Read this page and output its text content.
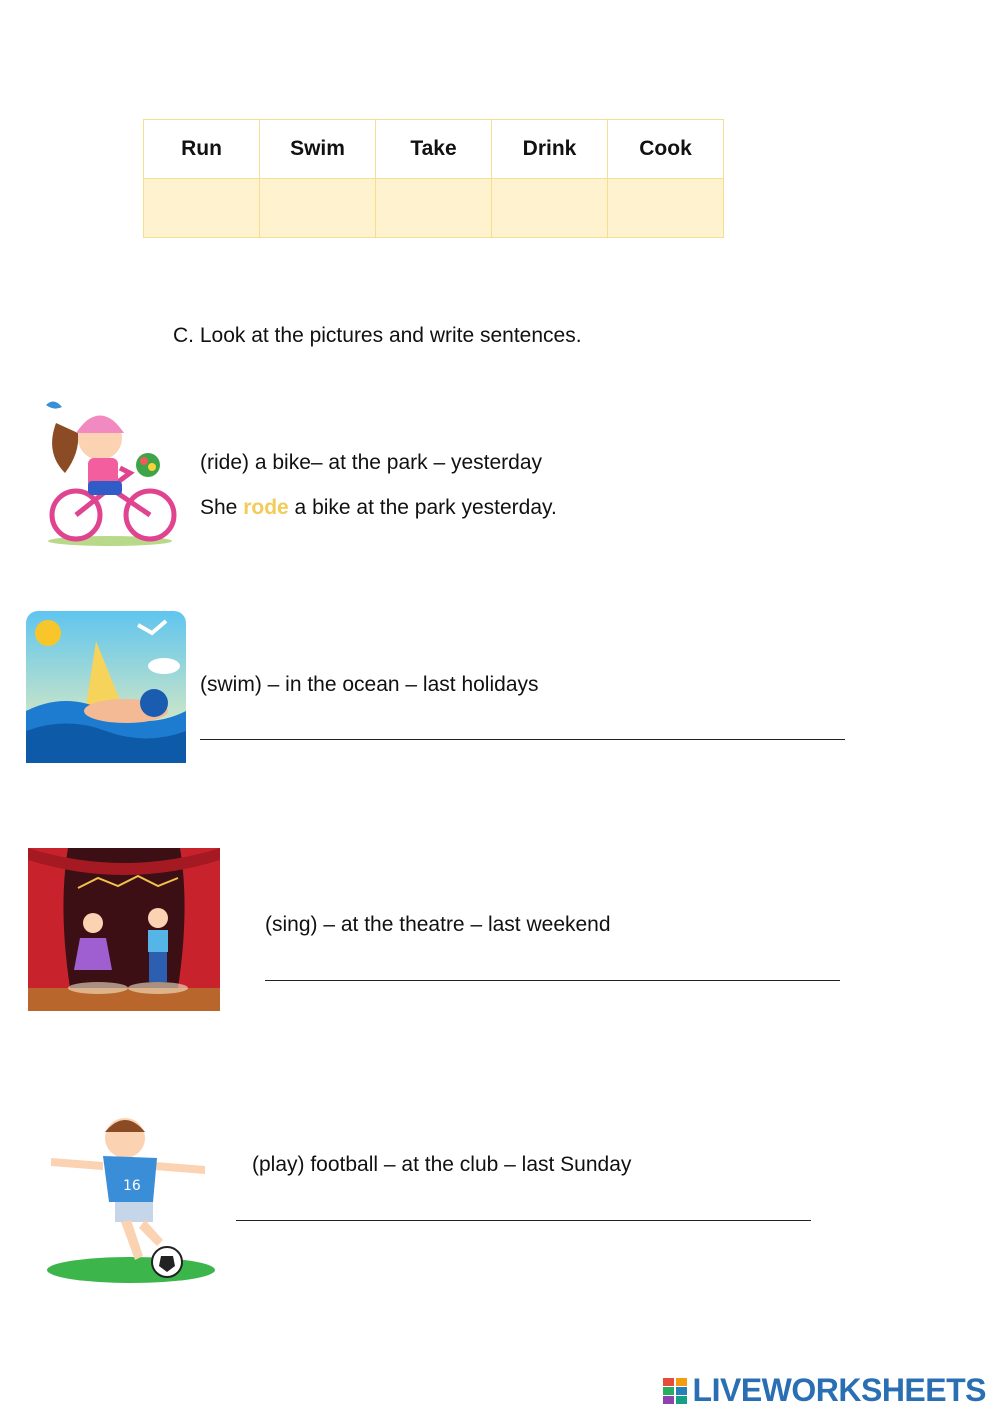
Run	Swim	Take	Drink	Cook

C. Look at the pictures and write sentences.
(ride) a bike– at the park – yesterday
She rode a bike at the park yesterday.
(swim) – in the ocean – last holidays
(sing) – at the theatre – last weekend
16
(play) football – at the club – last Sunday
LIVEWORKSHEETS
